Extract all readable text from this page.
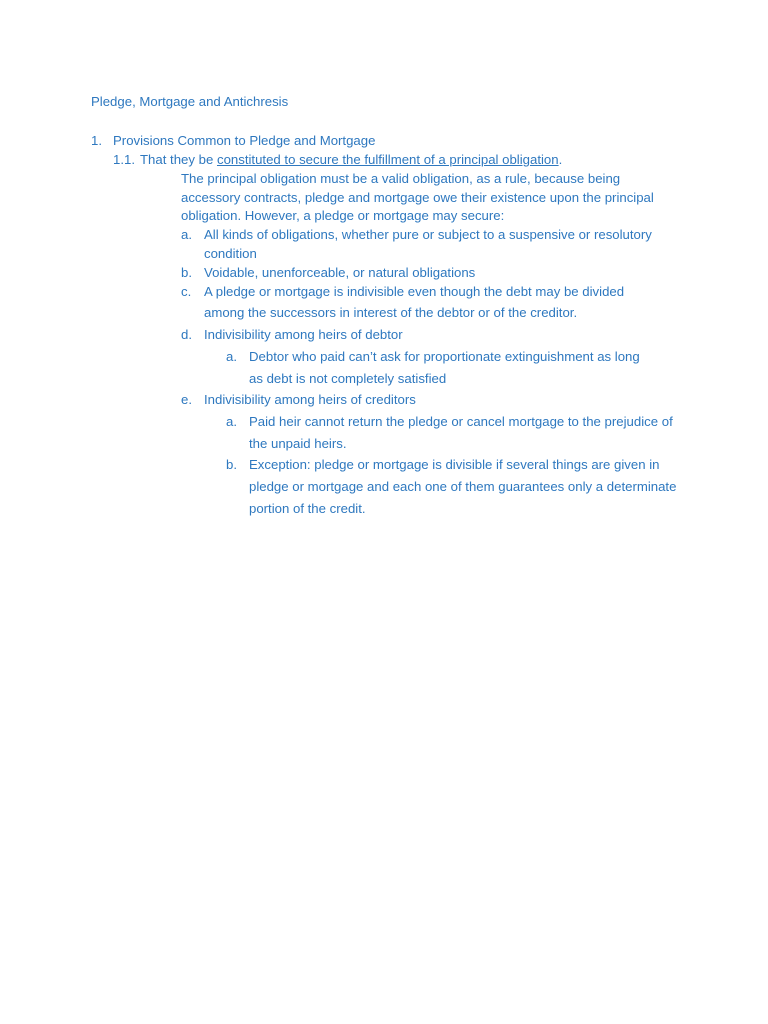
Pledge, Mortgage and Antichresis
1. Provisions Common to Pledge and Mortgage
1.1. That they be constituted to secure the fulfillment of a principal obligation.
The principal obligation must be a valid obligation, as a rule, because being
accessory contracts, pledge and mortgage owe their existence upon the principal
obligation. However, a pledge or mortgage may secure:
a. All kinds of obligations, whether pure or subject to a suspensive or resolutory
condition
b. Voidable, unenforceable, or natural obligations
c. A pledge or mortgage is indivisible even though the debt may be divided
among the successors in interest of the debtor or of the creditor.
d. Indivisibility among heirs of debtor
a. Debtor who paid can’t ask for proportionate extinguishment as long
as debt is not completely satisfied
e. Indivisibility among heirs of creditors
a. Paid heir cannot return the pledge or cancel mortgage to the prejudice of
the unpaid heirs.
b. Exception: pledge or mortgage is divisible if several things are given in
pledge or mortgage and each one of them guarantees only a determinate
portion of the credit.
